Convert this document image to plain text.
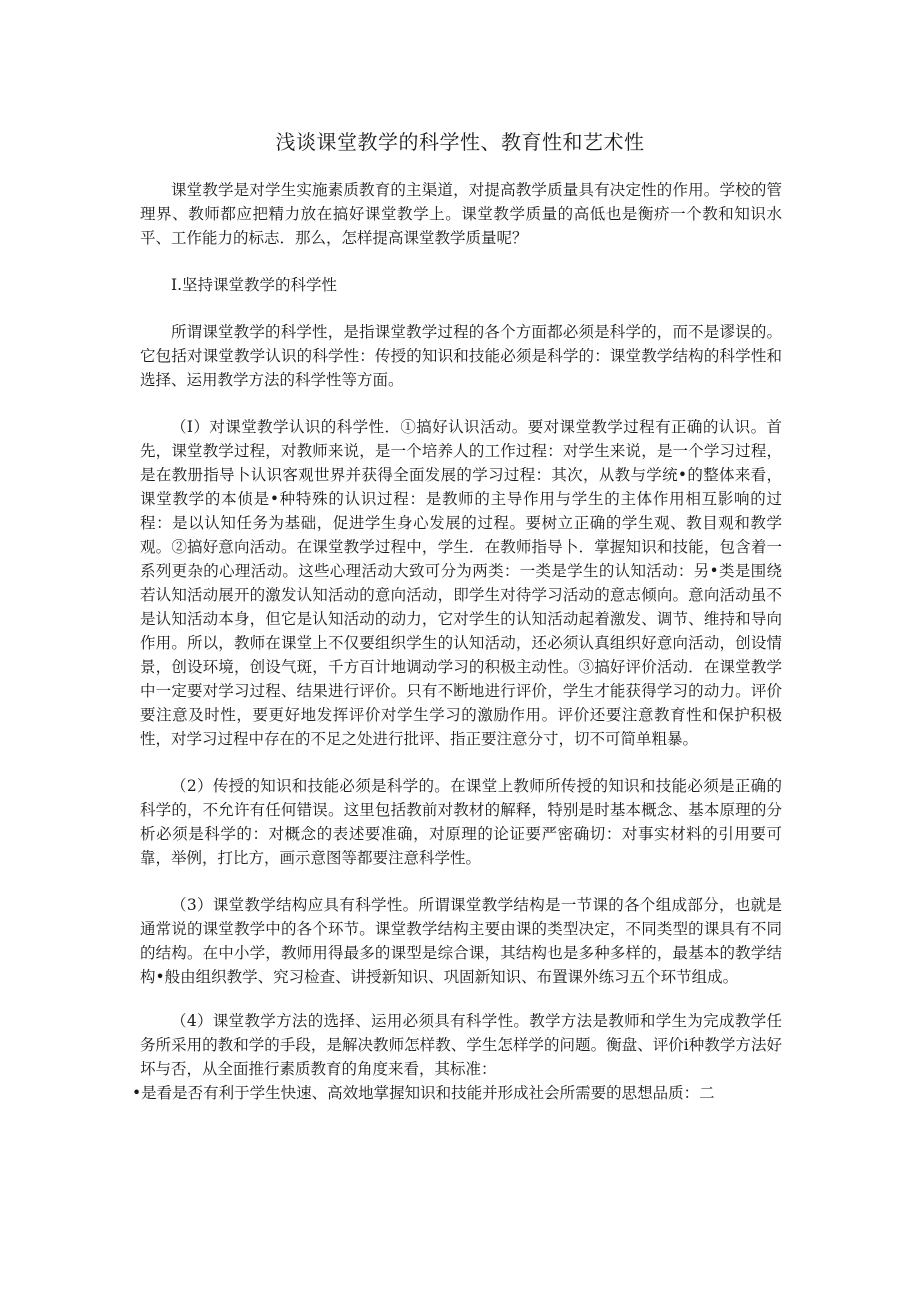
浅谈课堂教学的科学性、教育性和艺术性

课堂教学是对学生实施素质教育的主渠道，对提高教学质量具有决定性的作用。学校的管理界、教师都应把精力放在搞好课堂教学上。课堂教学质量的高低也是衡疥一个教和知识水平、工作能力的标志．那么，怎样提高课堂教学质量呢？

I.坚持课堂教学的科学性

所谓课堂教学的科学性，是指课堂教学过程的各个方面都必须是科学的，而不是谬误的。它包括对课堂教学认识的科学性：传授的知识和技能必须是科学的：课堂教学结构的科学性和选择、运用教学方法的科学性等方面。

（I）对课堂教学认识的科学性．①搞好认识活动。要对课堂教学过程有正确的认识。首先，课堂教学过程，对教师来说，是一个培养人的工作过程：对学生来说，是一个学习过程，是在教册指导卜认识客观世界并获得全面发展的学习过程：其次，从教与学统•的整体来看，课堂教学的本侦是•种特殊的认识过程：是教师的主导作用与学生的主体作用相互影响的过程：是以认知任务为基础，促进学生身心发展的过程。要树立正确的学生观、教目观和教学观。②搞好意向活动。在课堂教学过程中，学生．在教师指导卜．掌握知识和技能，包含着一系列更杂的心理活动。这些心理活动大致可分为两类：一类是学生的认知活动：另•类是围绕若认知活动展开的激发认知活动的意向活动，即学生对待学习活动的意志倾向。意向活动虽不是认知活动本身，但它是认知活动的动力，它对学生的认知活动起着激发、调节、维持和导向作用。所以，教师在课堂上不仅要组织学生的认知活动，还必须认真组织好意向活动，创设情景，创设环境，创设气斑，千方百计地调动学习的积极主动性。③搞好评价活动．在课堂教学中一定要对学习过程、结果进行评价。只有不断地进行评价，学生才能获得学习的动力。评价要注意及时性，要更好地发挥评价对学生学习的激励作用。评价还要注意教育性和保护积极性，对学习过程中存在的不足之处进行批评、指正要注意分寸，切不可简单粗暴。

（2）传授的知识和技能必须是科学的。在课堂上教师所传授的知识和技能必须是正确的科学的，不允许有任何错误。这里包括教前对教材的解释，特别是时基本概念、基本原理的分析必须是科学的：对概念的表述要准确，对原理的论证要严密确切：对事实材料的引用要可靠，举例，打比方，画示意图等都要注意科学性。

（3）课堂教学结构应具有科学性。所谓课堂教学结构是一节课的各个组成部分，也就是通常说的课堂教学中的各个环节。课堂教学结构主要由课的类型决定，不同类型的课具有不同的结构。在中小学，教师用得最多的课型是综合课，其结构也是多种多样的，最基本的教学结构•般由组织教学、究习检查、讲授新知识、巩固新知识、布置课外练习五个环节组成。

（4）课堂教学方法的选择、运用必须具有科学性。教学方法是教师和学生为完成教学任务所采用的教和学的手段，是解决教师怎样教、学生怎样学的问题。衡盘、评价i种教学方法好坏与否，从全面推行素质教育的角度来看，其标准：

•是看是否有利于学生快速、高效地掌握知识和技能并形成社会所需要的思想品质：二
